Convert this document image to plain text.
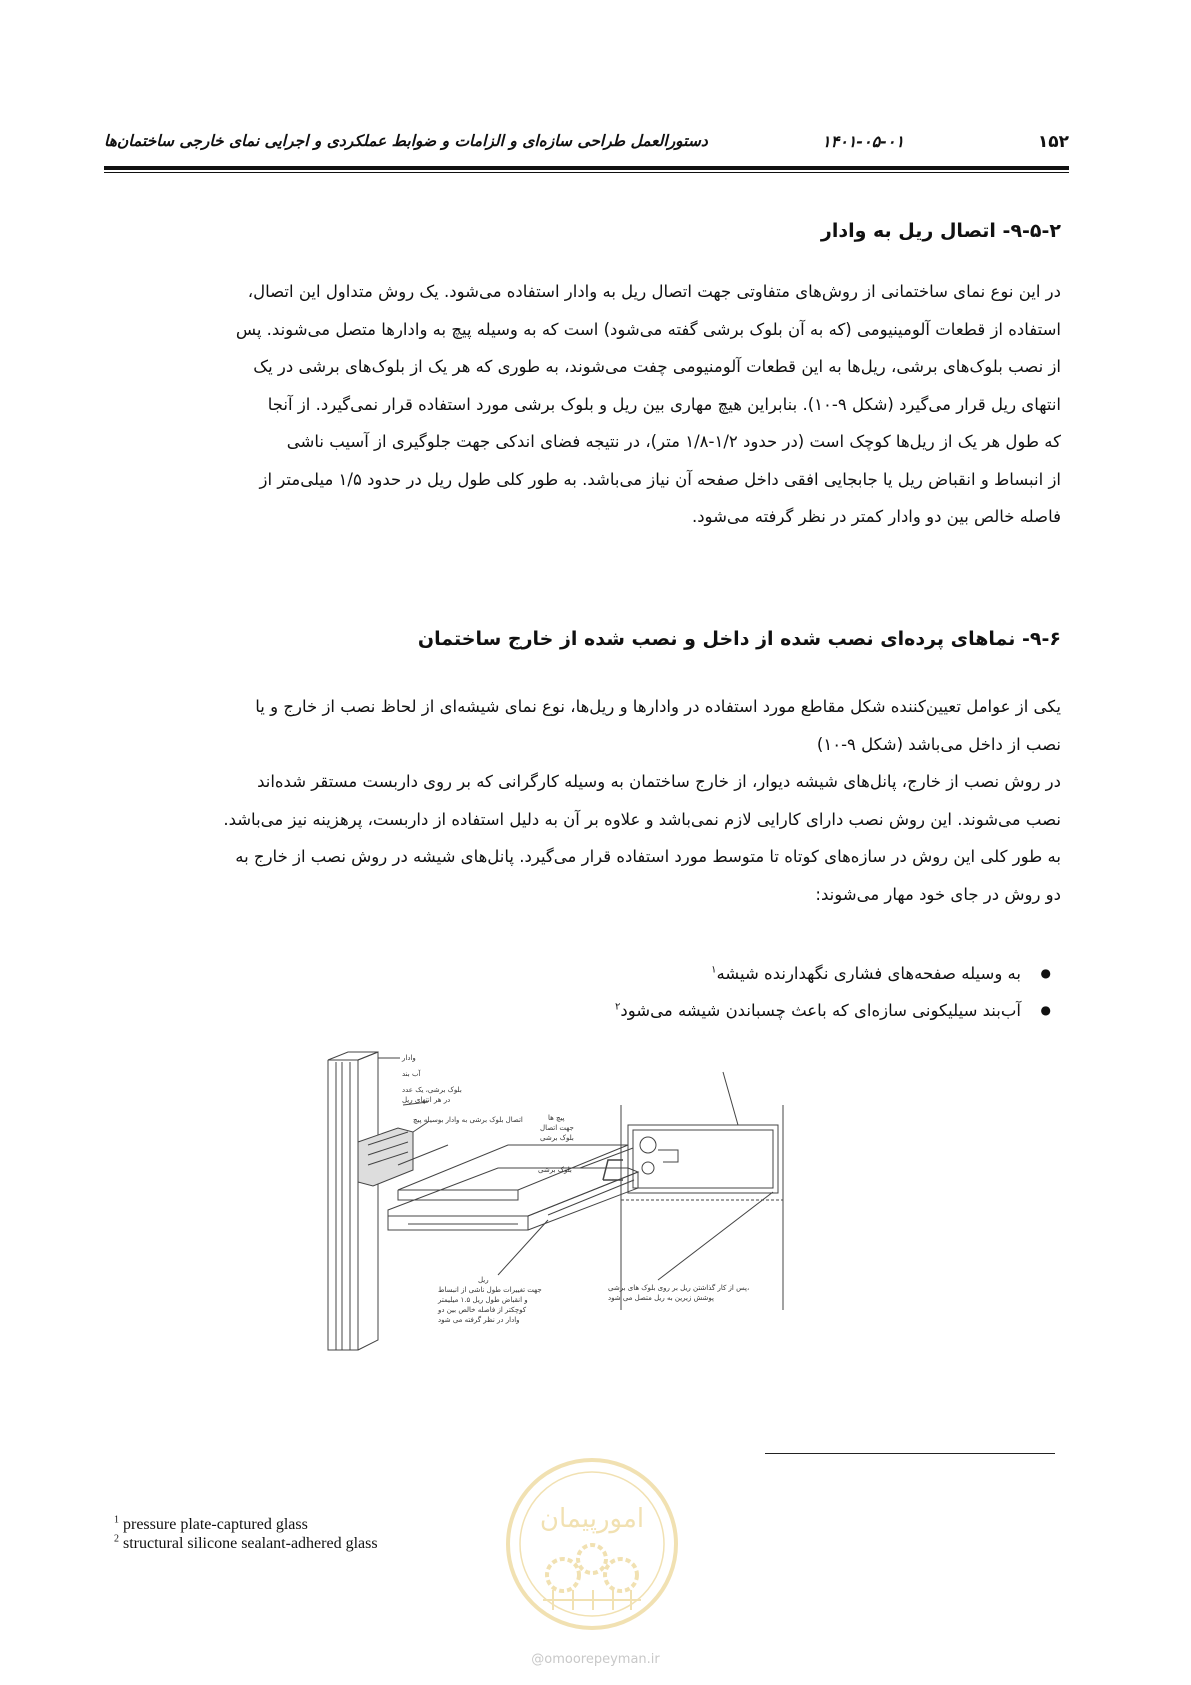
۱۵۲
۱۴۰۱-۰۵-۰۱
دستورالعمل طراحی سازه‌ای و الزامات و ضوابط عملکردی و اجرایی نمای خارجی ساختمان‌ها
۹-۵-۲- اتصال ریل به وادار

در این نوع نمای ساختمانی از روش‌های متفاوتی جهت اتصال ریل به وادار استفاده می‌شود. یک روش متداول این اتصال،

استفاده از قطعات آلومینیومی (که به آن بلوک برشی گفته می‌شود) است که به وسیله پیچ به وادارها متصل می‌شوند. پس

از نصب بلوک‌های برشی، ریل‌ها به این قطعات آلومنیومی چفت می‌شوند، به طوری که هر یک از بلوک‌های برشی در یک

انتهای ریل قرار می‌گیرد (شکل ۹-۱۰). بنابراین هیچ مهاری بین ریل و بلوک برشی مورد استفاده قرار نمی‌گیرد. از آنجا

که طول هر یک از ریل‌ها کوچک است (در حدود ۱/۲-۱/۸ متر)، در نتیجه فضای اندکی جهت جلوگیری از آسیب ناشی

از انبساط و انقباض ریل یا جابجایی افقی داخل صفحه آن نیاز می‌باشد. به طور کلی طول ریل در حدود ۱/۵ میلی‌متر از

فاصله خالص بین دو وادار کمتر در نظر گرفته می‌شود.

۹-۶- نماهای پرده‌ای نصب شده از داخل و نصب شده از خارج ساختمان

یکی از عوامل تعیین‌کننده شکل مقاطع مورد استفاده در وادارها و ریل‌ها، نوع نمای شیشه‌ای از لحاظ نصب از خارج و یا

نصب از داخل می‌باشد (شکل ۹-۱۰)

در روش نصب از خارج، پانل‌های شیشه دیوار، از خارج ساختمان به وسیله کارگرانی که بر روی داربست مستقر شده‌اند

نصب می‌شوند. این روش نصب دارای کارایی لازم نمی‌باشد و علاوه بر آن به دلیل استفاده از داربست، پرهزینه نیز می‌باشد.

به طور کلی این روش در سازه‌های کوتاه تا متوسط مورد استفاده قرار می‌گیرد. پانل‌های شیشه در روش نصب از خارج به

دو روش در جای خود مهار می‌شوند:

● به وسیله صفحه‌های فشاری نگهدارنده شیشه$^۱$
● آب‌بند سیلیکونی سازه‌ای که باعث چسباندن شیشه می‌شود$^۲$
وادار
آب بند
بلوک برشی، یک عدد
در هر انتهای ریل
اتصال بلوک برشی به وادار بوسیله پیچ	پیچ ها
جهت اتصال
بلوک برشی
بلوک برشی
ریل
جهت تغییرات طول ناشی از انبساط
و انقباض طول ریل ۱.۵ میلیمتر
کوچکتر از فاصله خالص بین دو
وادار در نظر گرفته می شود
پس از کار گذاشتن ریل بر روی بلوک های برشی،
پوشش زیرین به ریل متصل می شود
$^1$ pressure plate-captured glass
$^2$ structural silicone sealant-adhered glass
امورپیمان
@omoorepeyman.ir
